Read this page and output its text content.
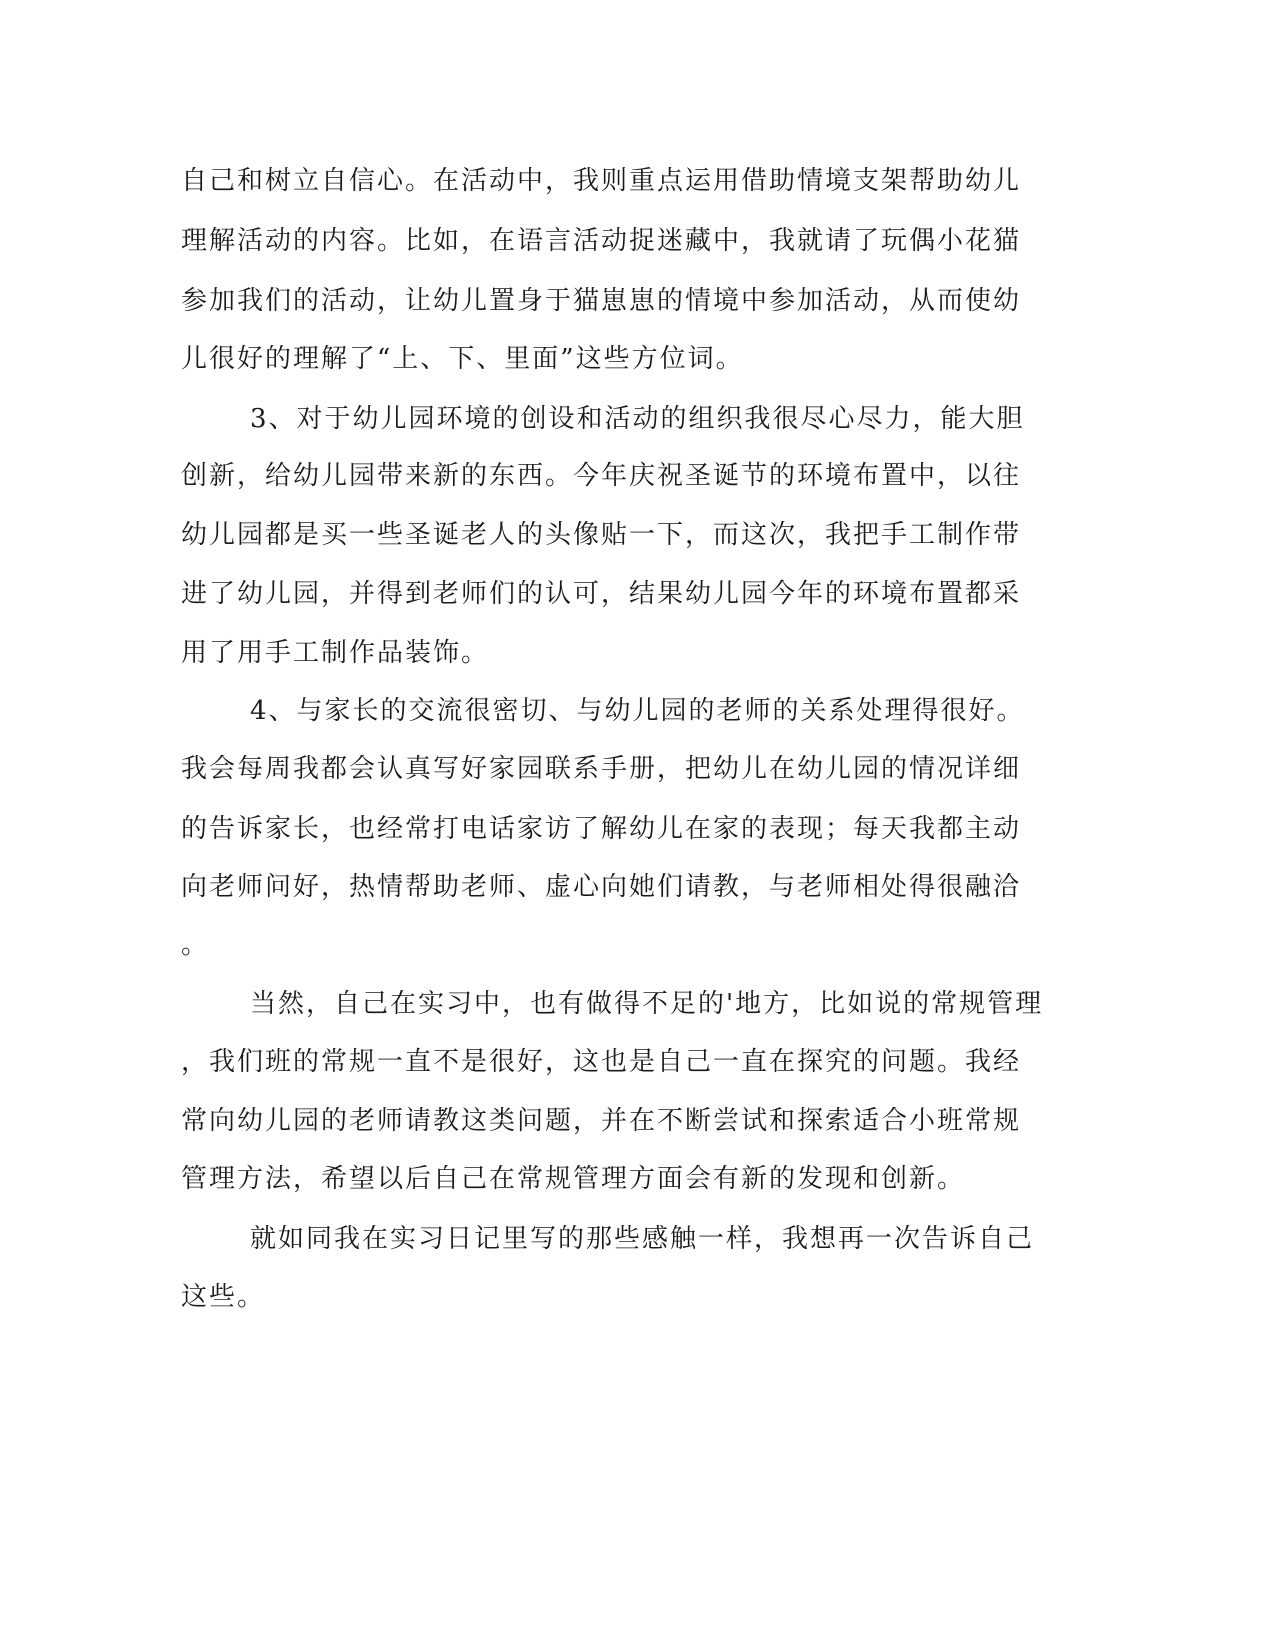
自己和树立自信心。在活动中，我则重点运用借助情境支架帮助幼儿

理解活动的内容。比如，在语言活动捉迷藏中，我就请了玩偶小花猫

参加我们的活动，让幼儿置身于猫崽崽的情境中参加活动，从而使幼

儿很好的理解了“上、下、里面”这些方位词。

3、对于幼儿园环境的创设和活动的组织我很尽心尽力，能大胆

创新，给幼儿园带来新的东西。今年庆祝圣诞节的环境布置中，以往

幼儿园都是买一些圣诞老人的头像贴一下，而这次，我把手工制作带

进了幼儿园，并得到老师们的认可，结果幼儿园今年的环境布置都采

用了用手工制作品装饰。

4、与家长的交流很密切、与幼儿园的老师的关系处理得很好。

我会每周我都会认真写好家园联系手册，把幼儿在幼儿园的情况详细

的告诉家长，也经常打电话家访了解幼儿在家的表现；每天我都主动

向老师问好，热情帮助老师、虚心向她们请教，与老师相处得很融洽

。

当然，自己在实习中，也有做得不足的'地方，比如说的常规管理

，我们班的常规一直不是很好，这也是自己一直在探究的问题。我经

常向幼儿园的老师请教这类问题，并在不断尝试和探索适合小班常规

管理方法，希望以后自己在常规管理方面会有新的发现和创新。

就如同我在实习日记里写的那些感触一样，我想再一次告诉自己

这些。
